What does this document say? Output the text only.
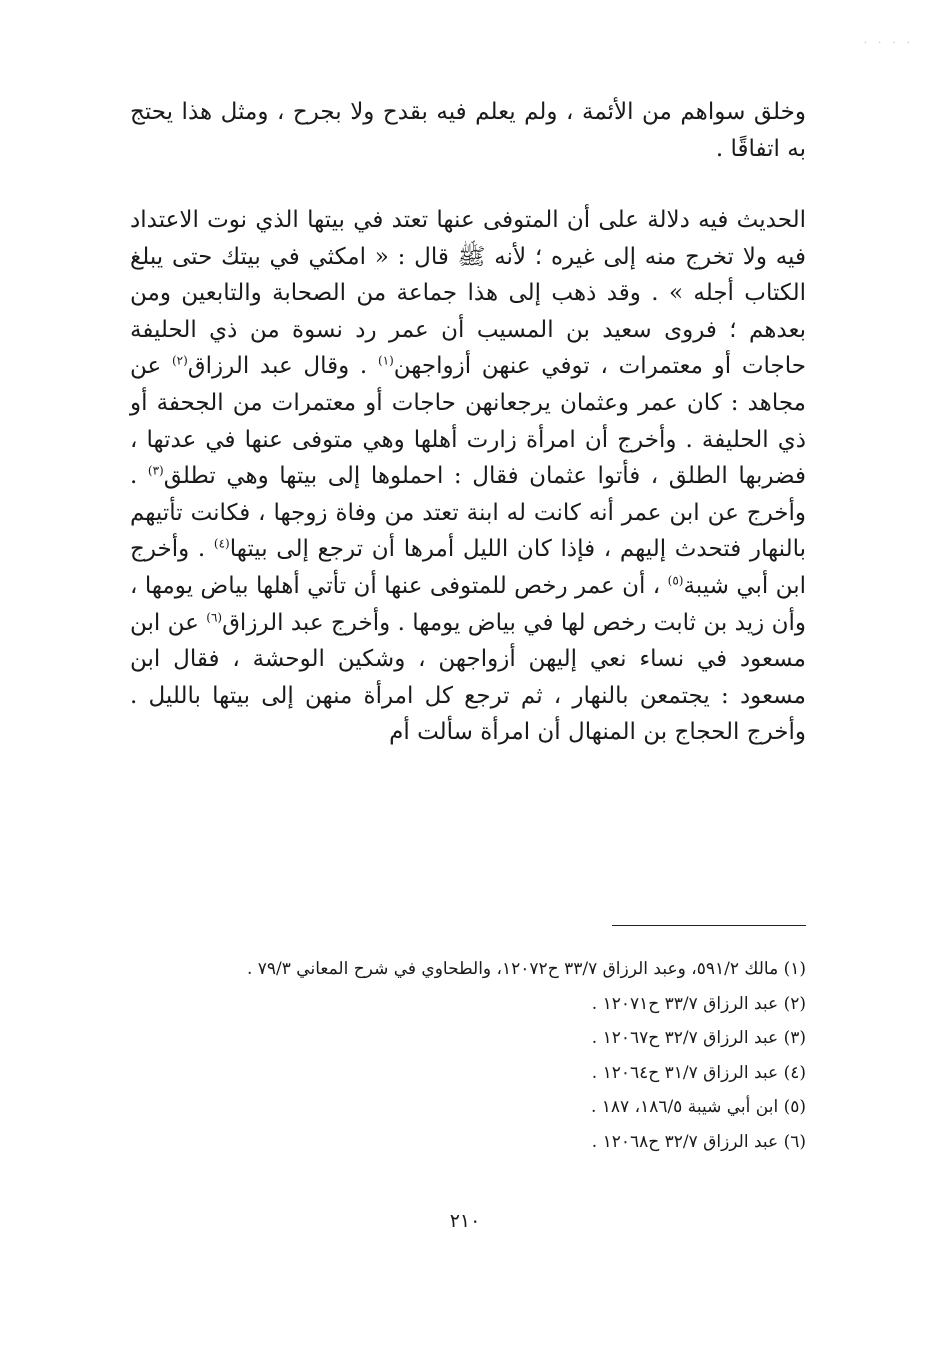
· · · ·

وخلق سواهم من الأئمة ، ولم يعلم فيه بقدح ولا بجرح ، ومثل هذا يحتج به اتفاقًا .

الحديث فيه دلالة على أن المتوفى عنها تعتد في بيتها الذي نوت الاعتداد فيه ولا تخرج منه إلى غيره ؛ لأنه ﷺ قال : « امكثي في بيتك حتى يبلغ الكتاب أجله » . وقد ذهب إلى هذا جماعة من الصحابة والتابعين ومن بعدهم ؛ فروى سعيد بن المسيب أن عمر رد نسوة من ذي الحليفة حاجات أو معتمرات ، توفي عنهن أزواجهن$^{(١)}$ . وقال عبد الرزاق$^{(٢)}$ عن مجاهد : كان عمر وعثمان يرجعانهن حاجات أو معتمرات من الجحفة أو ذي الحليفة . وأخرج أن امرأة زارت أهلها وهي متوفى عنها في عدتها ، فضربها الطلق ، فأتوا عثمان فقال : احملوها إلى بيتها وهي تطلق$^{(٣)}$ . وأخرج عن ابن عمر أنه كانت له ابنة تعتد من وفاة زوجها ، فكانت تأتيهم بالنهار فتحدث إليهم ، فإذا كان الليل أمرها أن ترجع إلى بيتها$^{(٤)}$ . وأخرج ابن أبي شيبة$^{(٥)}$ ، أن عمر رخص للمتوفى عنها أن تأتي أهلها بياض يومها ، وأن زيد بن ثابت رخص لها في بياض يومها . وأخرج عبد الرزاق$^{(٦)}$ عن ابن مسعود في نساء نعي إليهن أزواجهن ، وشكين الوحشة ، فقال ابن مسعود : يجتمعن بالنهار ، ثم ترجع كل امرأة منهن إلى بيتها بالليل . وأخرج الحجاج بن المنهال أن امرأة سألت أم

(١) مالك ٥٩١/٢، وعبد الرزاق ٣٣/٧ ح١٢٠٧٢، والطحاوي في شرح المعاني ٧٩/٣ .
(٢) عبد الرزاق ٣٣/٧ ح١٢٠٧١ .
(٣) عبد الرزاق ٣٢/٧ ح١٢٠٦٧ .
(٤) عبد الرزاق ٣١/٧ ح١٢٠٦٤ .
(٥) ابن أبي شيبة ١٨٦/٥، ١٨٧ .
(٦) عبد الرزاق ٣٢/٧ ح١٢٠٦٨ .
٢١٠
